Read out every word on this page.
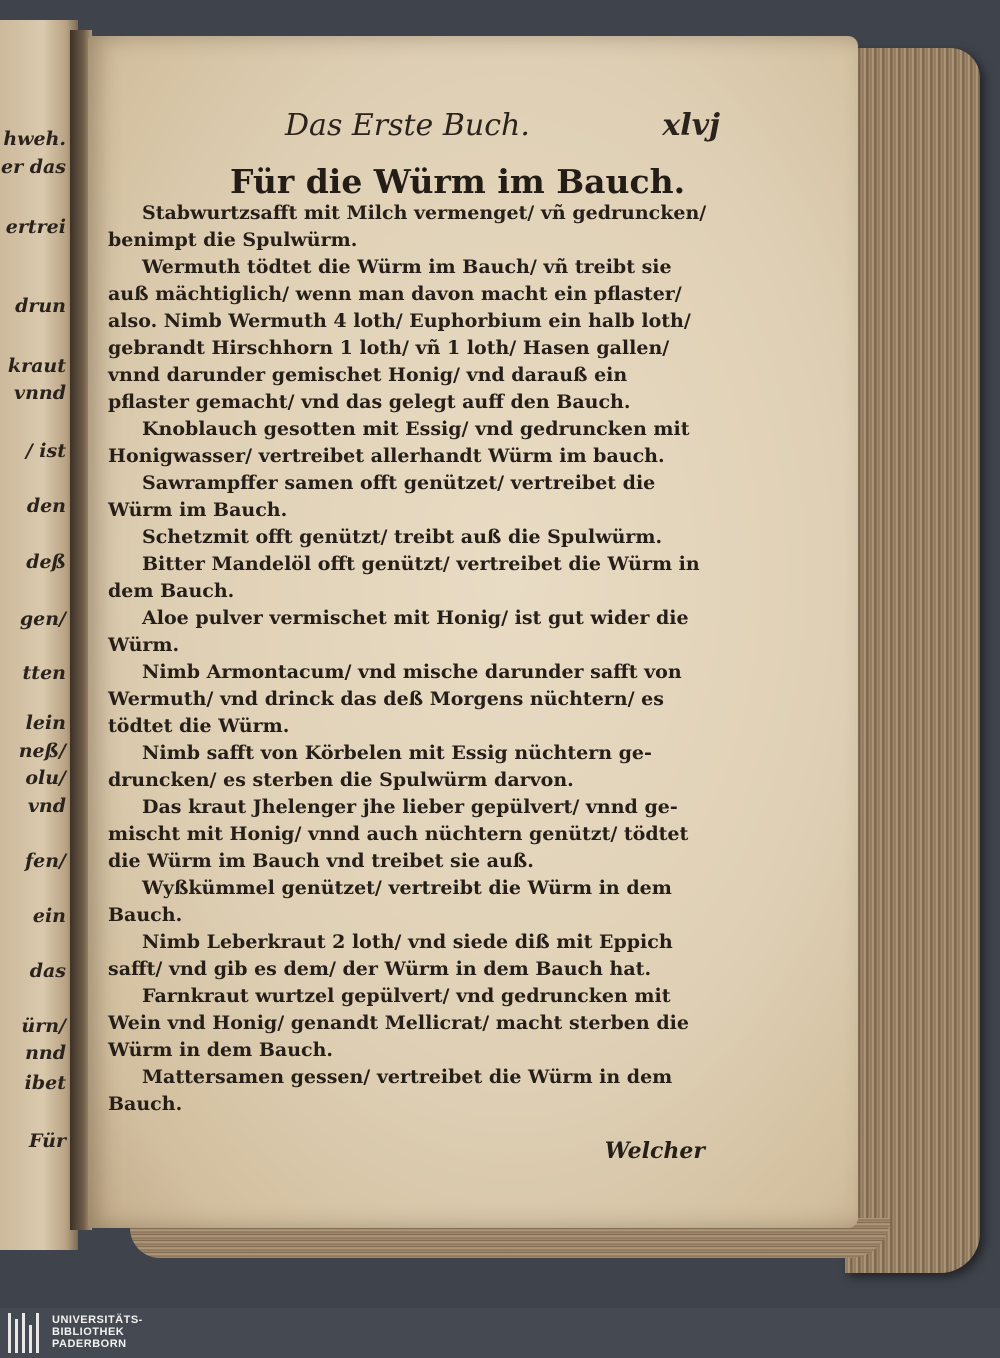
hweh.
er das
ertrei
drun
kraut
vnnd
/ ist
den
deß
gen/
tten
lein
neß/
olu/
vnd
fen/
ein
das
ürn/
nnd
ibet
Für
Das Erste Buch.	xlvj
Für die Würm im Bauch.

Stabwurtzsafft mit Milch vermenget/ vñ gedruncken/ benimpt die Spulwürm.

Wermuth tödtet die Würm im Bauch/ vñ treibt sie auß mächtiglich/ wenn man davon macht ein pflaster/ also. Nimb Wermuth 4 loth/ Euphorbium ein halb loth/ gebrandt Hirschhorn 1 loth/ vñ 1 loth/ Hasen gallen/ vnnd darunder gemischet Honig/ vnd darauß ein pflaster gemacht/ vnd das gelegt auff den Bauch.

Knoblauch gesotten mit Essig/ vnd gedruncken mit Honigwasser/ vertreibet allerhandt Würm im bauch.

Sawrampffer samen offt genützet/ vertreibet die Würm im Bauch.

Schetzmit offt genützt/ treibt auß die Spulwürm.

Bitter Mandelöl offt genützt/ vertreibet die Würm in dem Bauch.

Aloe pulver vermischet mit Honig/ ist gut wider die Würm.

Nimb Armontacum/ vnd mische darunder safft von Wermuth/ vnd drinck das deß Morgens nüchtern/ es tödtet die Würm.

Nimb safft von Körbelen mit Essig nüchtern gedruncken/ es sterben die Spulwürm darvon.

Das kraut Jhelenger jhe lieber gepülvert/ vnnd gemischt mit Honig/ vnnd auch nüchtern genützt/ tödtet die Würm im Bauch vnd treibet sie auß.

Wyßkümmel genützet/ vertreibt die Würm in dem Bauch.

Nimb Leberkraut 2 loth/ vnd siede diß mit Eppich safft/ vnd gib es dem/ der Würm in dem Bauch hat.

Farnkraut wurtzel gepülvert/ vnd gedruncken mit Wein vnd Honig/ genandt Mellicrat/ macht sterben die Würm in dem Bauch.

Mattersamen gessen/ vertreibet die Würm in dem Bauch.

Welcher
UNIVERSITÄTS-
BIBLIOTHEK
PADERBORN
